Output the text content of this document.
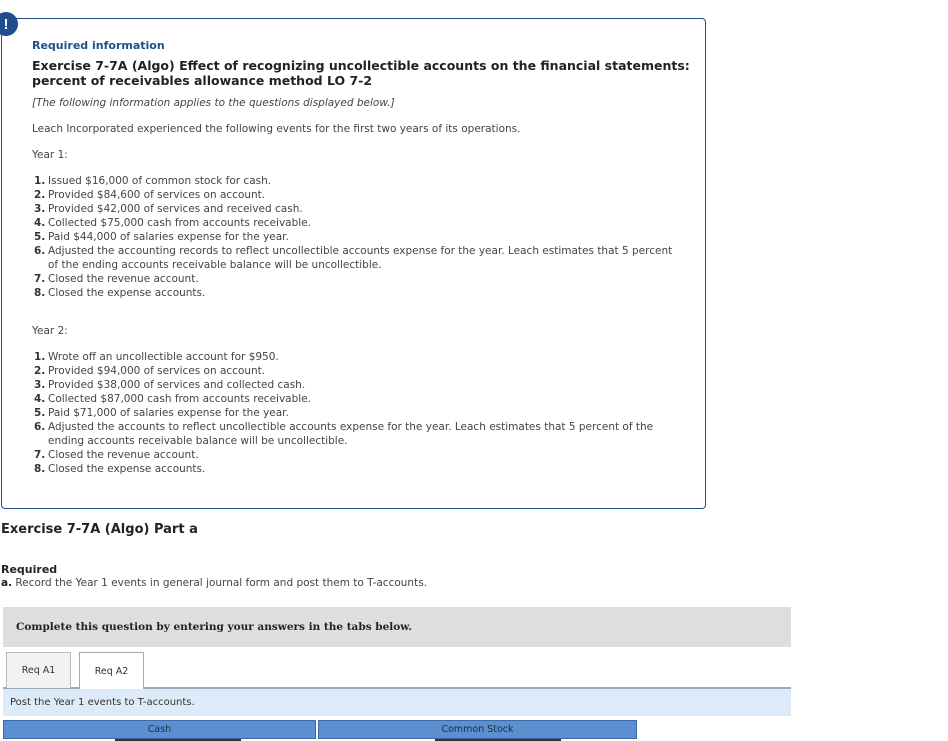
!
Required information
Exercise 7-7A (Algo) Effect of recognizing uncollectible accounts on the financial statements: percent of receivables allowance method LO 7-2
[The following information applies to the questions displayed below.]
Leach Incorporated experienced the following events for the first two years of its operations.
Year 1:
1. Issued $16,000 of common stock for cash.
2. Provided $84,600 of services on account.
3. Provided $42,000 of services and received cash.
4. Collected $75,000 cash from accounts receivable.
5. Paid $44,000 of salaries expense for the year.
6. Adjusted the accounting records to reflect uncollectible accounts expense for the year. Leach estimates that 5 percent of the ending accounts receivable balance will be uncollectible.
7. Closed the revenue account.
8. Closed the expense accounts.
Year 2:
1. Wrote off an uncollectible account for $950.
2. Provided $94,000 of services on account.
3. Provided $38,000 of services and collected cash.
4. Collected $87,000 cash from accounts receivable.
5. Paid $71,000 of salaries expense for the year.
6. Adjusted the accounts to reflect uncollectible accounts expense for the year. Leach estimates that 5 percent of the ending accounts receivable balance will be uncollectible.
7. Closed the revenue account.
8. Closed the expense accounts.
Exercise 7-7A (Algo) Part a
Required
a. Record the Year 1 events in general journal form and post them to T-accounts.
Complete this question by entering your answers in the tabs below.
Req A1	Req A2
Post the Year 1 events to T-accounts.
Cash	Common Stock
